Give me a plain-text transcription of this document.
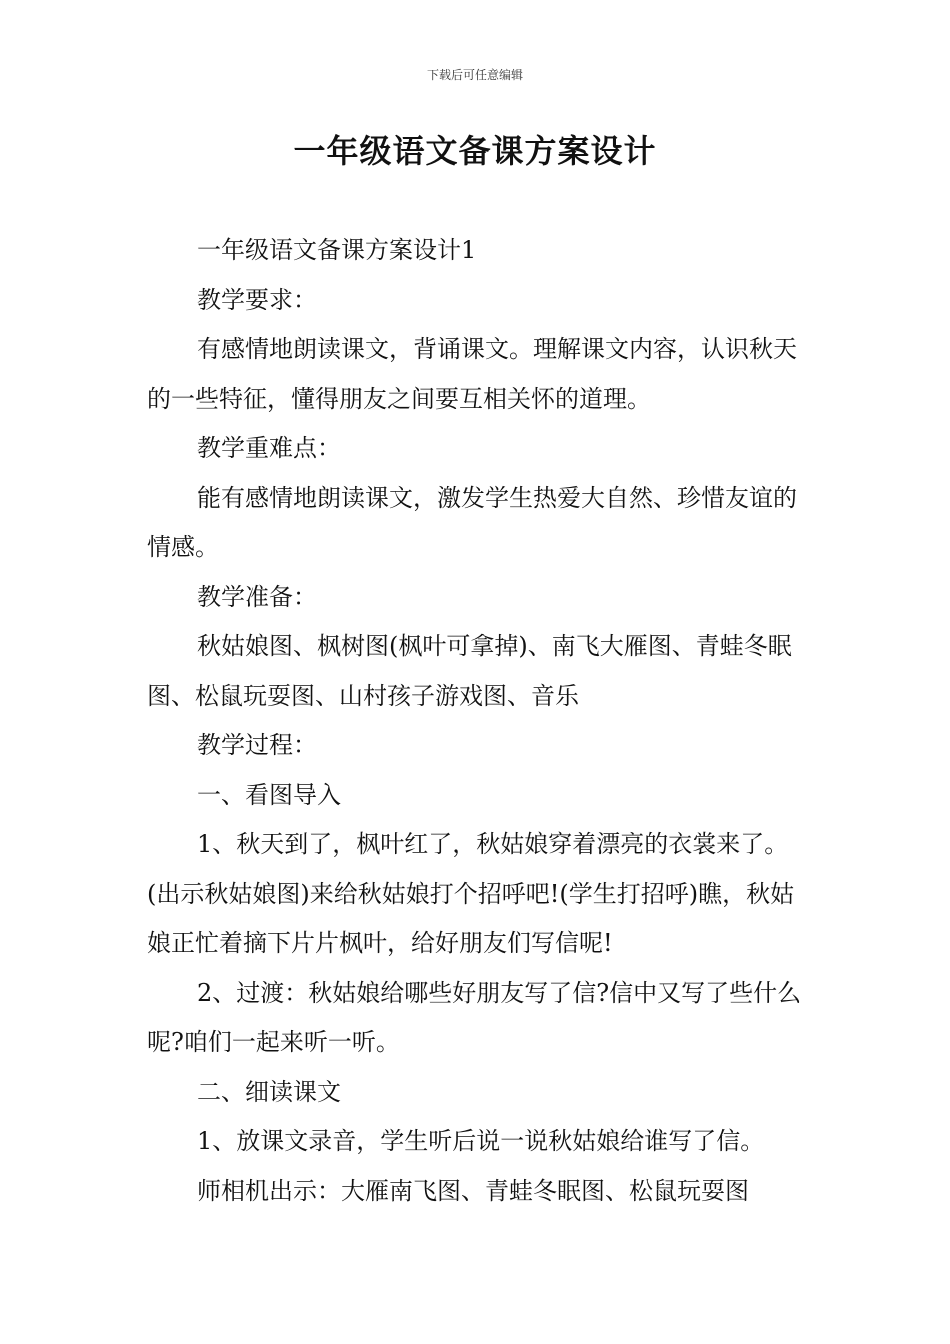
下载后可任意编辑
一年级语文备课方案设计

一年级语文备课方案设计1

教学要求：

有感情地朗读课文，背诵课文。理解课文内容，认识秋天的一些特征，懂得朋友之间要互相关怀的道理。

教学重难点：

能有感情地朗读课文，激发学生热爱大自然、珍惜友谊的情感。

教学准备：

秋姑娘图、枫树图(枫叶可拿掉)、南飞大雁图、青蛙冬眠图、松鼠玩耍图、山村孩子游戏图、音乐

教学过程：

一、看图导入

1、秋天到了，枫叶红了，秋姑娘穿着漂亮的衣裳来了。(出示秋姑娘图)来给秋姑娘打个招呼吧!(学生打招呼)瞧，秋姑娘正忙着摘下片片枫叶，给好朋友们写信呢!

2、过渡：秋姑娘给哪些好朋友写了信?信中又写了些什么呢?咱们一起来听一听。

二、细读课文

1、放课文录音，学生听后说一说秋姑娘给谁写了信。

师相机出示：大雁南飞图、青蛙冬眠图、松鼠玩耍图
